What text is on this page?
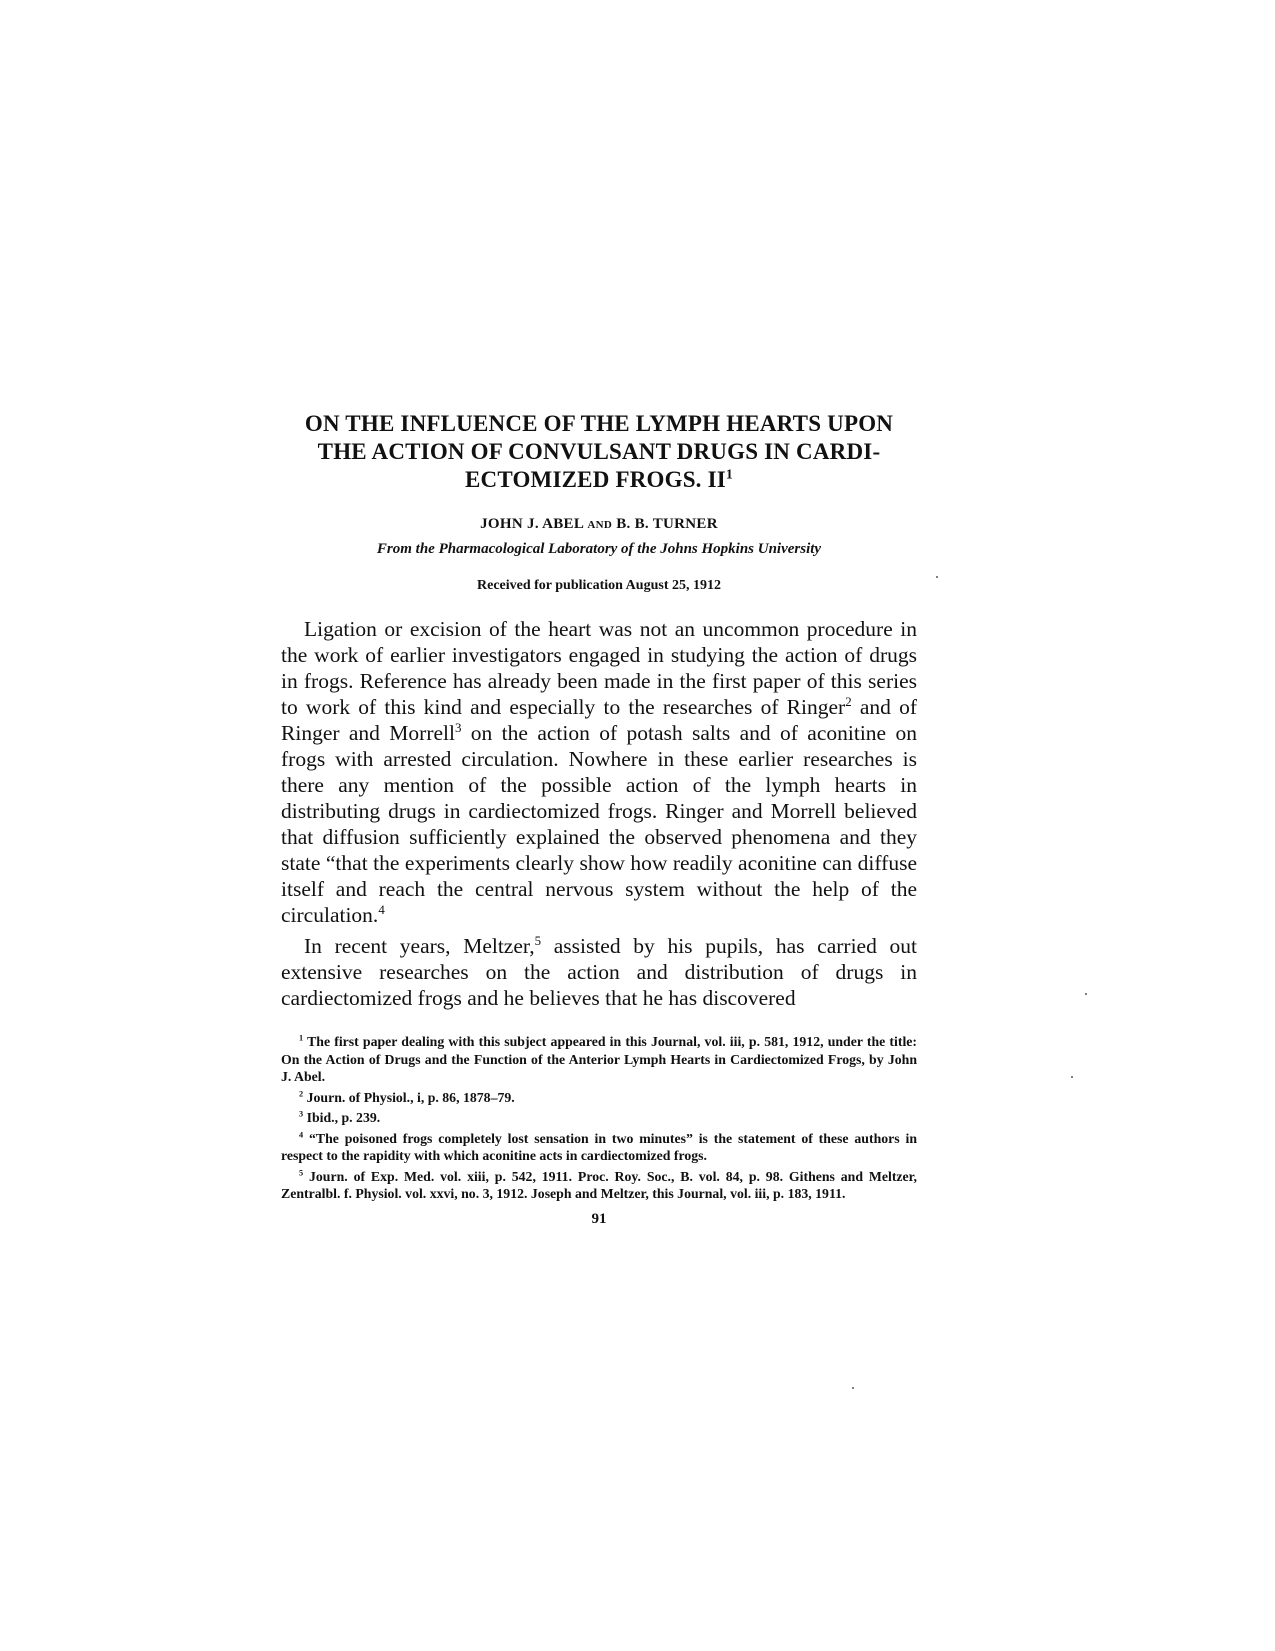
ON THE INFLUENCE OF THE LYMPH HEARTS UPON
THE ACTION OF CONVULSANT DRUGS IN CARDI-
ECTOMIZED FROGS. $II^1$
JOHN J. ABEL AND B. B. TURNER
From the Pharmacological Laboratory of the Johns Hopkins University
Received for publication August 25, 1912

Ligation or excision of the heart was not an uncommon procedure in the work of earlier investigators engaged in studying the action of drugs in frogs. Reference has already been made in the first paper of this series to work of this kind and especially to the researches of Ringer$^2$ and of Ringer and Morrell$^3$ on the action of potash salts and of aconitine on frogs with arrested circulation. Nowhere in these earlier researches is there any mention of the possible action of the lymph hearts in distributing drugs in cardiectomized frogs. Ringer and Morrell believed that diffusion sufficiently explained the observed phenomena and they state “that the experiments clearly show how readily aconitine can diffuse itself and reach the central nervous system without the help of the circulation.$^4$

In recent years, Meltzer,$^5$ assisted by his pupils, has carried out extensive researches on the action and distribution of drugs in cardiectomized frogs and he believes that he has discovered

$^1$ The first paper dealing with this subject appeared in this Journal, vol. iii, p. 581, 1912, under the title: On the Action of Drugs and the Function of the Anterior Lymph Hearts in Cardiectomized Frogs, by John J. Abel.

$^2$ Journ. of Physiol., i, p. 86, 1878–79.

$^3$ Ibid., p. 239.

$^4$ “The poisoned frogs completely lost sensation in two minutes” is the statement of these authors in respect to the rapidity with which aconitine acts in cardiectomized frogs.

$^5$ Journ. of Exp. Med. vol. xiii, p. 542, 1911. Proc. Roy. Soc., B. vol. 84, p. 98. Githens and Meltzer, Zentralbl. f. Physiol. vol. xxvi, no. 3, 1912. Joseph and Meltzer, this Journal, vol. iii, p. 183, 1911.

91
